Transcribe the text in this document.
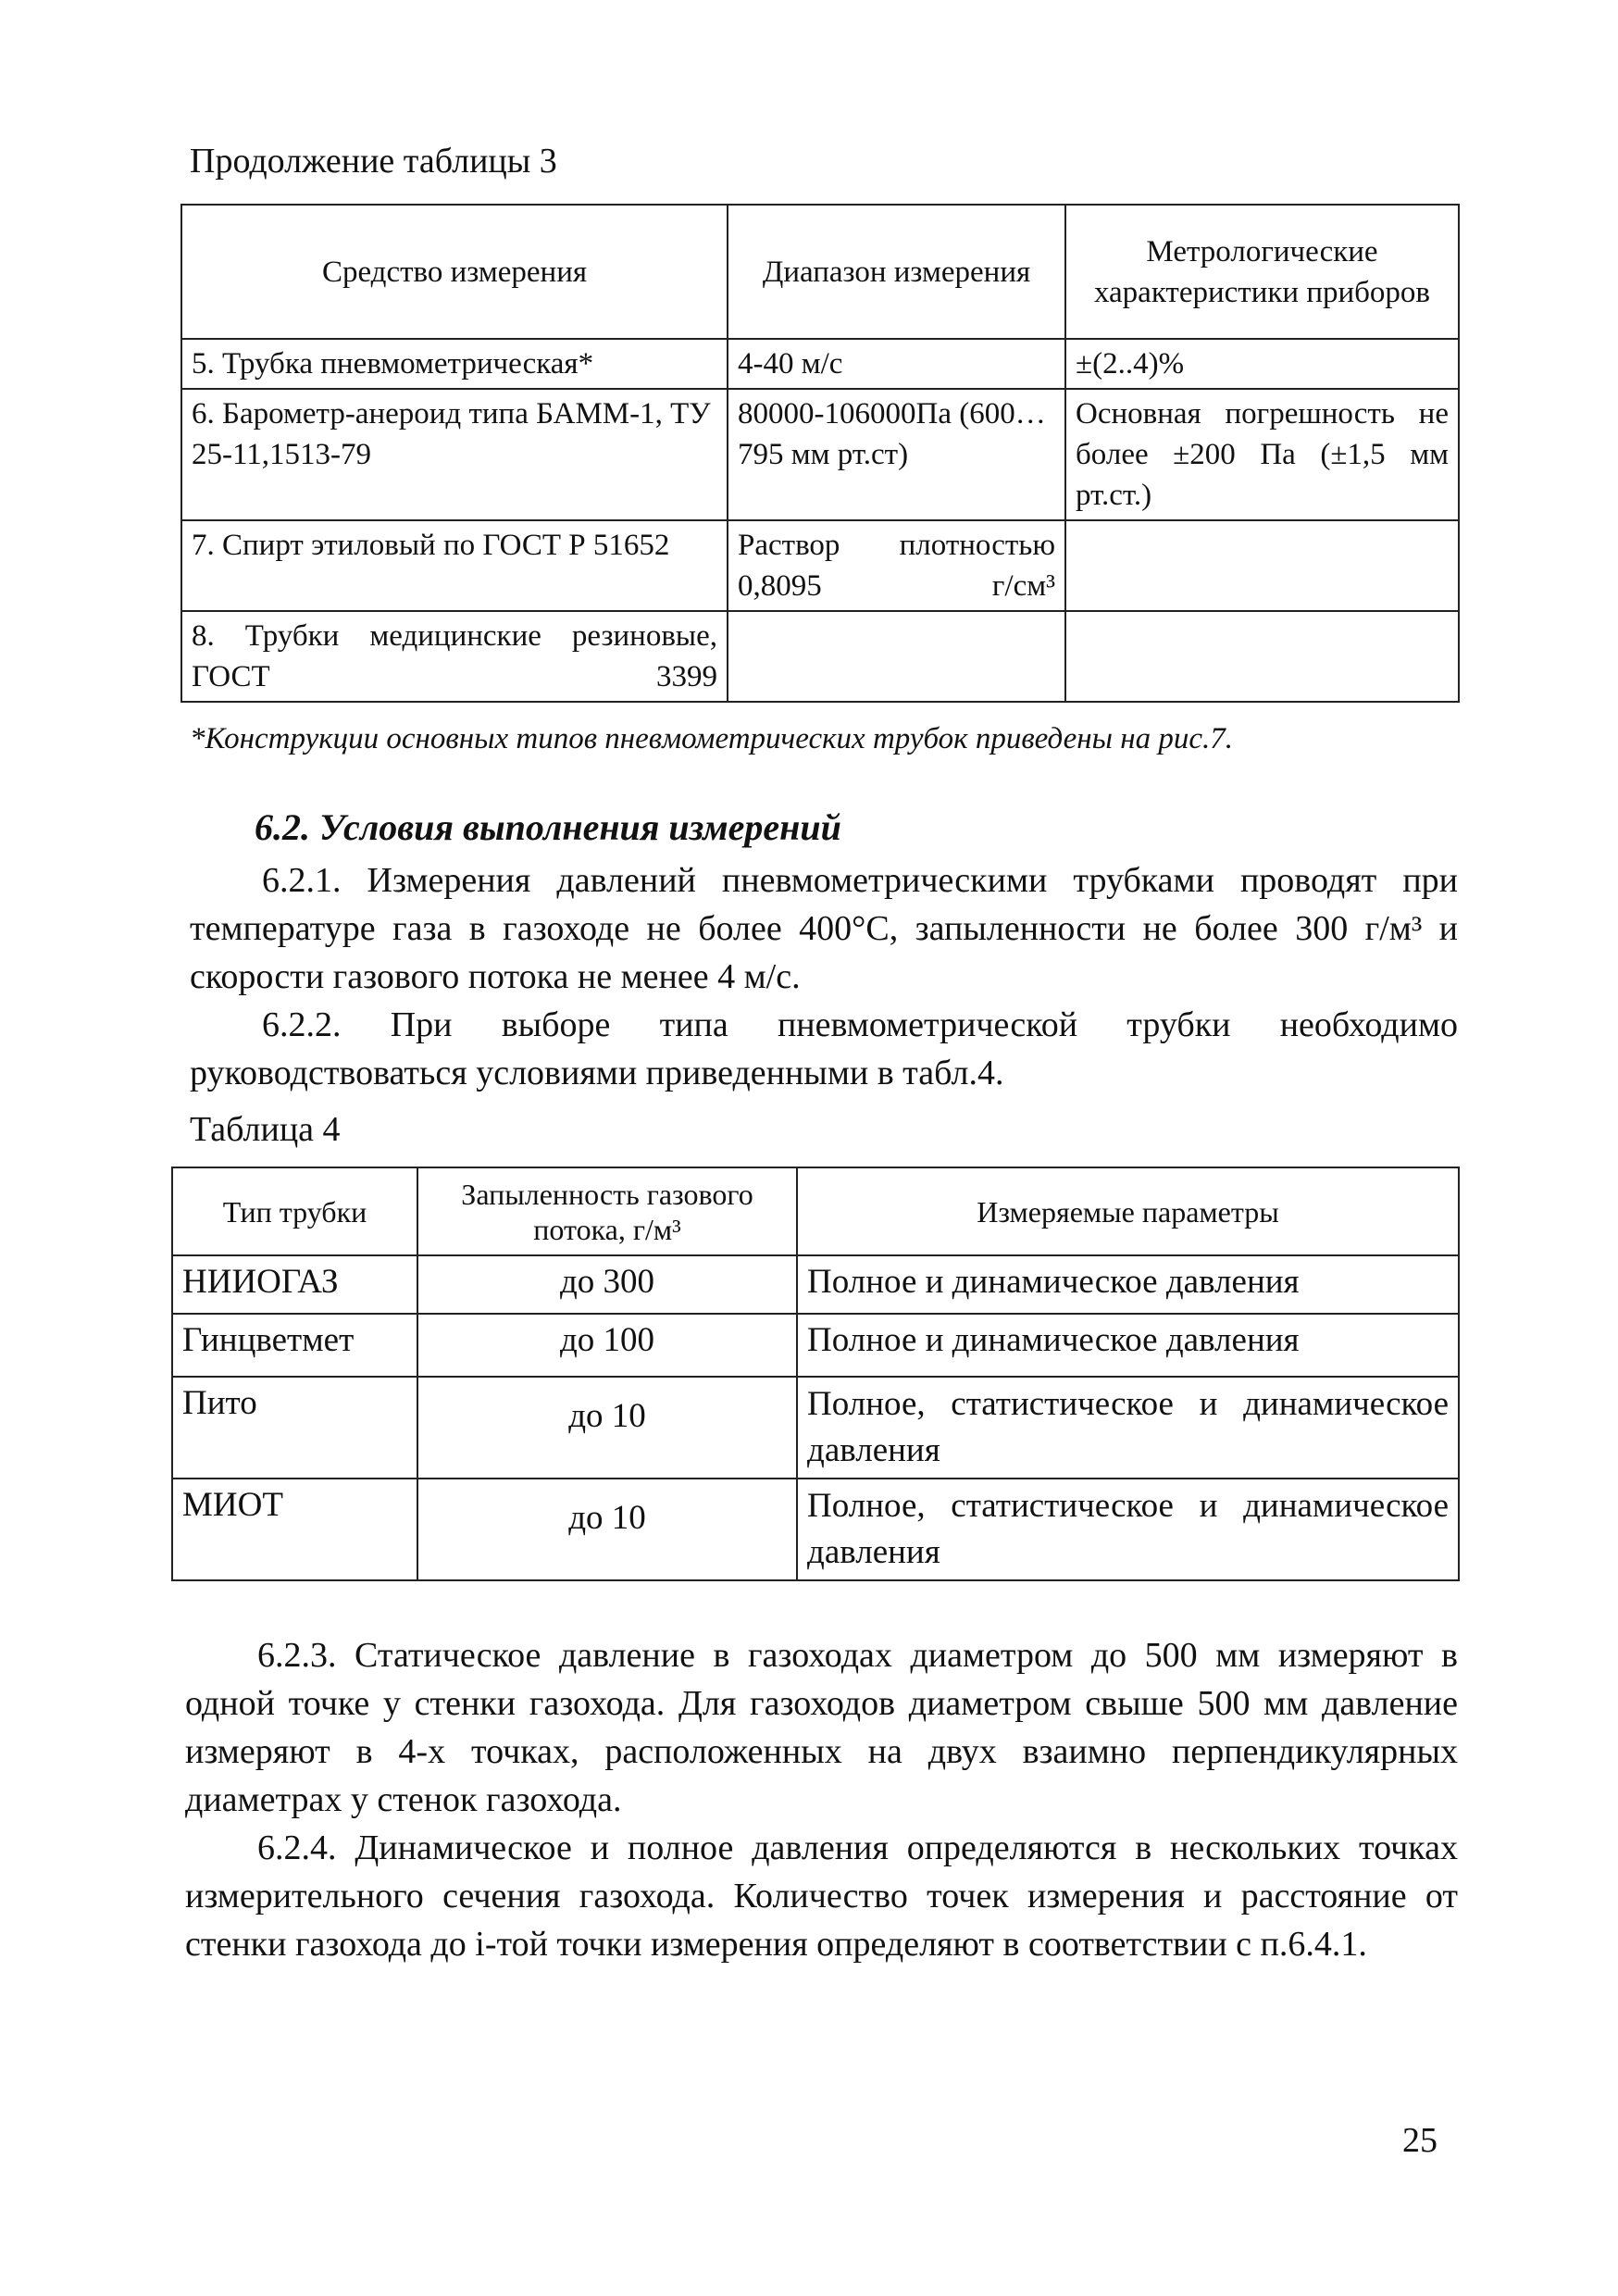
Продолжение таблицы 3
Средство измерения	Диапазон измерения	Метрологические характеристики приборов
5. Трубка пневмометрическая*	4-40 м/с	±(2..4)%
6. Барометр-анероид типа БАММ-1, ТУ 25-11,1513-79	80000-106000Па (600…795 мм рт.ст)	Основная погрешность не более ±200 Па (±1,5 мм рт.ст.)
7. Спирт этиловый по ГОСТ Р 51652	Раствор плотностью 0,8095 г/см³	
8. Трубки медицинские резиновые, ГОСТ 3399		
*Конструкции основных типов пневмометрических трубок приведены на рис.7.
6.2. Условия выполнения измерений

6.2.1. Измерения давлений пневмометрическими трубками проводят при температуре газа в газоходе не более 400°С, запыленности не более 300 г/м³ и скорости газового потока не менее 4 м/с.

6.2.2. При выборе типа пневмометрической трубки необходимо руководствоваться условиями приведенными в табл.4.

Таблица 4
Тип трубки	Запыленность газового потока, г/м³	Измеряемые параметры
НИИОГАЗ	до 300	Полное и динамическое давления
Гинцветмет	до 100	Полное и динамическое давления
Пито	до 10	Полное, статистическое и динамическое давления
МИОТ	до 10	Полное, статистическое и динамическое давления

6.2.3. Статическое давление в газоходах диаметром до 500 мм измеряют в одной точке у стенки газохода. Для газоходов диаметром свыше 500 мм давление измеряют в 4-х точках, расположенных на двух взаимно перпендикулярных диаметрах у стенок газохода.

6.2.4. Динамическое и полное давления определяются в нескольких точках измерительного сечения газохода. Количество точек измерения и расстояние от стенки газохода до i-той точки измерения определяют в соответствии с п.6.4.1.

25
